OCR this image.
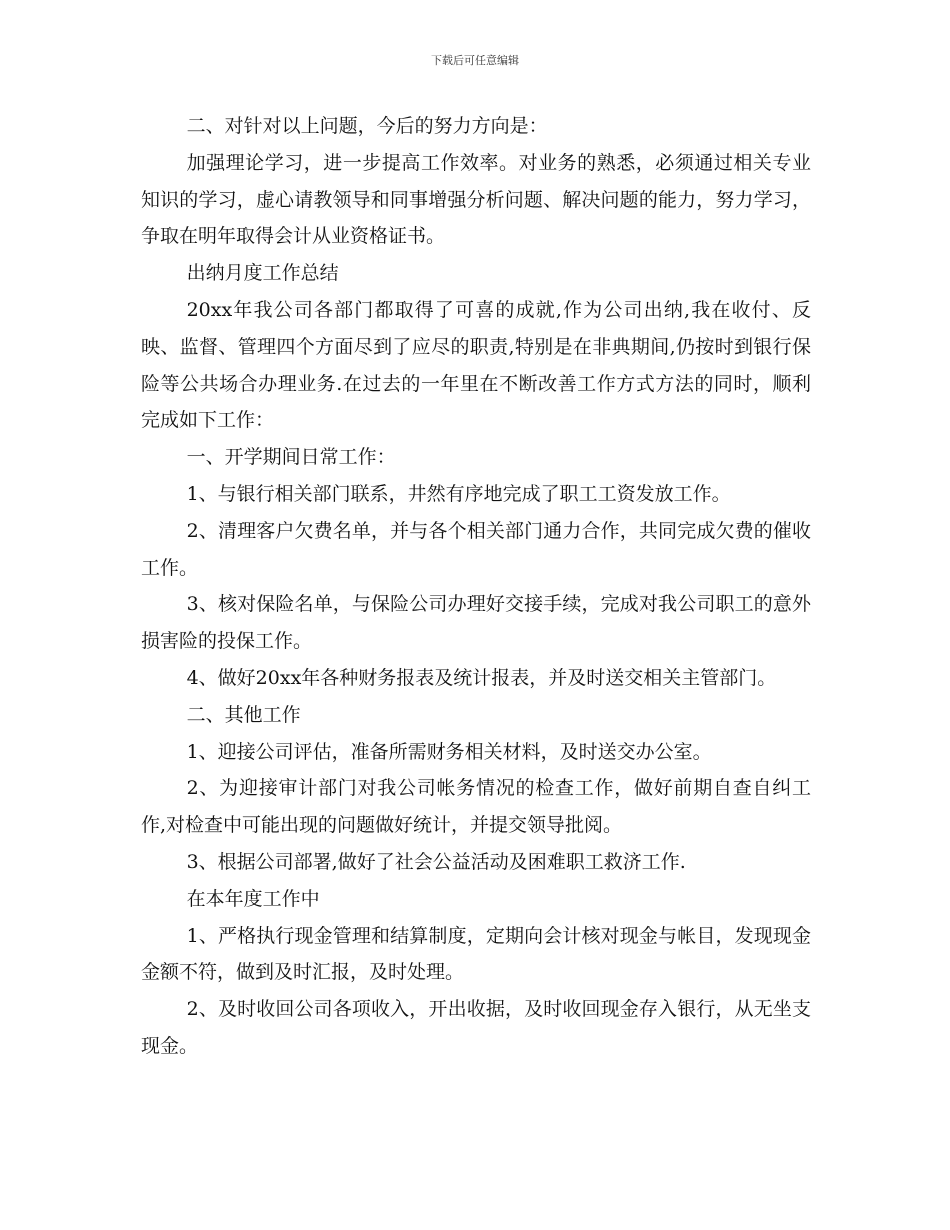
下载后可任意编辑

二、对针对以上问题，今后的努力方向是：

加强理论学习，进一步提高工作效率。对业务的熟悉，必须通过相关专业知识的学习，虚心请教领导和同事增强分析问题、解决问题的能力，努力学习，争取在明年取得会计从业资格证书。

出纳月度工作总结

20xx年我公司各部门都取得了可喜的成就,作为公司出纳,我在收付、反映、监督、管理四个方面尽到了应尽的职责,特别是在非典期间,仍按时到银行保险等公共场合办理业务.在过去的一年里在不断改善工作方式方法的同时，顺利完成如下工作：

一、开学期间日常工作：

1、与银行相关部门联系，井然有序地完成了职工工资发放工作。

2、清理客户欠费名单，并与各个相关部门通力合作，共同完成欠费的催收工作。

3、核对保险名单，与保险公司办理好交接手续，完成对我公司职工的意外损害险的投保工作。

4、做好20xx年各种财务报表及统计报表，并及时送交相关主管部门。

二、其他工作

1、迎接公司评估，准备所需财务相关材料，及时送交办公室。

2、为迎接审计部门对我公司帐务情况的检查工作，做好前期自查自纠工作,对检查中可能出现的问题做好统计，并提交领导批阅。

3、根据公司部署,做好了社会公益活动及困难职工救济工作.

在本年度工作中

1、严格执行现金管理和结算制度，定期向会计核对现金与帐目，发现现金金额不符，做到及时汇报，及时处理。

2、及时收回公司各项收入，开出收据，及时收回现金存入银行，从无坐支现金。
